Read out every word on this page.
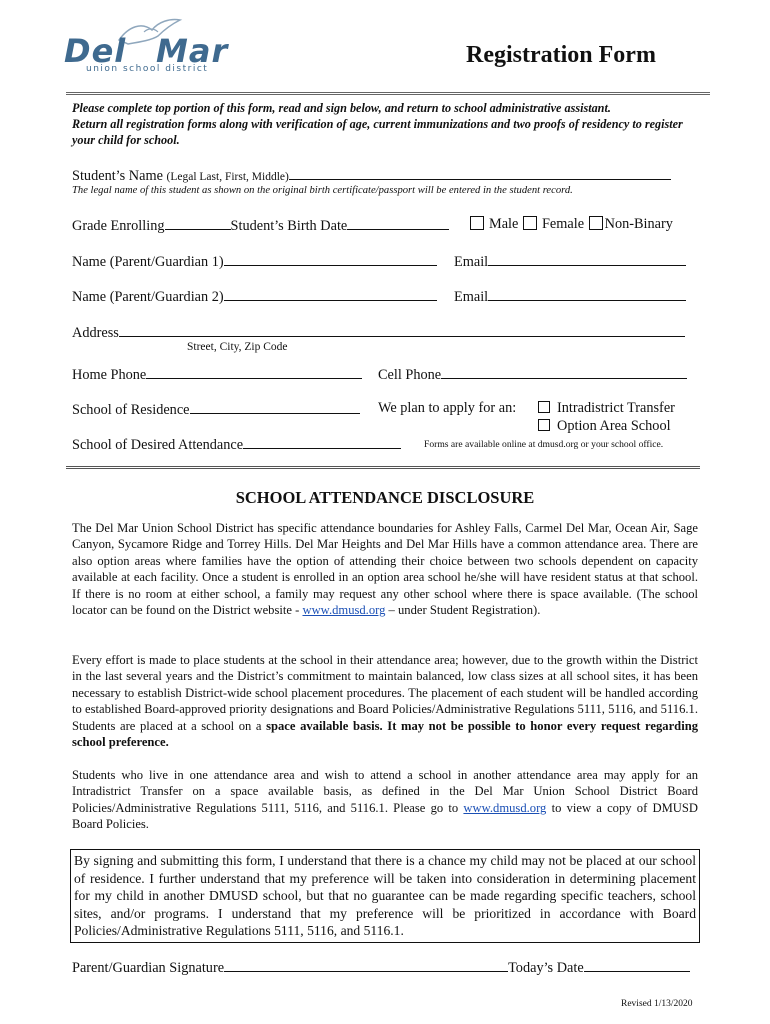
Del Mar
union school district
Registration Form
Please complete top portion of this form, read and sign below, and return to school administrative assistant.
Return all registration forms along with verification of age, current immunizations and two proofs of residency to register your child for school.
Student’s Name (Legal Last, First, Middle)
The legal name of this student as shown on the original birth certificate/passport will be entered in the student record.
Grade Enrolling	Student’s Birth Date	Male Female Non-Binary
Name (Parent/Guardian 1)	Email
Name (Parent/Guardian 2)	Email
Address
Street, City, Zip Code
Home Phone	Cell Phone
School of Residence	We plan to apply for an:	Intradistrict Transfer
Option Area School
School of Desired Attendance	Forms are available online at dmusd.org or your school office.
SCHOOL ATTENDANCE DISCLOSURE
The Del Mar Union School District has specific attendance boundaries for Ashley Falls, Carmel Del Mar, Ocean Air, Sage Canyon, Sycamore Ridge and Torrey Hills. Del Mar Heights and Del Mar Hills have a common attendance area. There are also option areas where families have the option of attending their choice between two schools dependent on capacity available at each facility. Once a student is enrolled in an option area school he/she will have resident status at that school. If there is no room at either school, a family may request any other school where there is space available. (The school locator can be found on the District website - www.dmusd.org – under Student Registration).
Every effort is made to place students at the school in their attendance area; however, due to the growth within the District in the last several years and the District’s commitment to maintain balanced, low class sizes at all school sites, it has been necessary to establish District-wide school placement procedures. The placement of each student will be handled according to established Board-approved priority designations and Board Policies/Administrative Regulations 5111, 5116, and 5116.1. Students are placed at a school on a space available basis. It may not be possible to honor every request regarding school preference.
Students who live in one attendance area and wish to attend a school in another attendance area may apply for an Intradistrict Transfer on a space available basis, as defined in the Del Mar Union School District Board Policies/Administrative Regulations 5111, 5116, and 5116.1. Please go to www.dmusd.org to view a copy of DMUSD Board Policies.
By signing and submitting this form, I understand that there is a chance my child may not be placed at our school of residence. I further understand that my preference will be taken into consideration in determining placement for my child in another DMUSD school, but that no guarantee can be made regarding specific teachers, school sites, and/or programs. I understand that my preference will be prioritized in accordance with Board Policies/Administrative Regulations 5111, 5116, and 5116.1.
Parent/Guardian Signature	Today’s Date
Revised 1/13/2020
